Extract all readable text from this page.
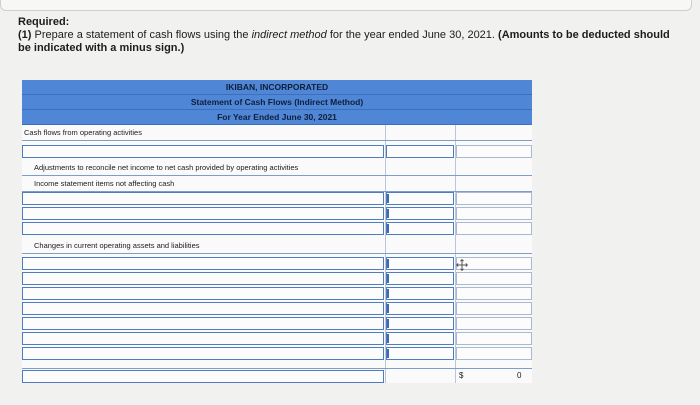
Required:
(1) Prepare a statement of cash flows using the indirect method for the year ended June 30, 2021. (Amounts to be deducted should be indicated with a minus sign.)
IKIBAN, INCORPORATED
Statement of Cash Flows (Indirect Method)
For Year Ended June 30, 2021
Cash flows from operating activities
Adjustments to reconcile net income to net cash provided by operating activities
Income statement items not affecting cash
Changes in current operating assets and liabilities
$	0
